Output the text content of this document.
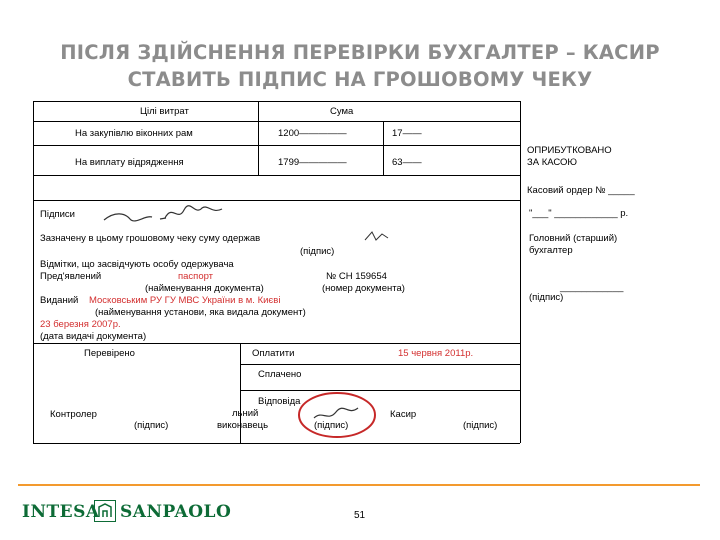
ПІСЛЯ ЗДІЙСНЕННЯ ПЕРЕВІРКИ БУХГАЛТЕР – КАСИР
СТАВИТЬ ПІДПИС НА ГРОШОВОМУ ЧЕКУ
Цілі витрат	Сума
На закупівлю віконних рам	1200—————	17——
На виплату відрядження	1799—————	63——
ОПРИБУТКОВАНО
ЗА КАСОЮ
Касовий ордер № _____
"___" ____________ р.
Головний (старший)
бухгалтер
____________
(підпис)
Підписи
Зазначену в цьому грошовому чеку суму одержав
(підпис)
Відмітки, що засвідчують особу одержувача
Пред'явлений	паспорт	№ СН 159654
(найменування документа)	(номер документа)
Виданий Московським РУ ГУ МВС України в м. Києві
(найменування установи, яка видала документ)
23 березня 2007р.
(дата видачі документа)
Перевірено	Оплатити	15 червня 2011р.
Сплачено
Контролер
(підпис)
Відповіда
льний
виконавець	(підпис)
Касир
(підпис)
INTESA SANPAOLO	51
